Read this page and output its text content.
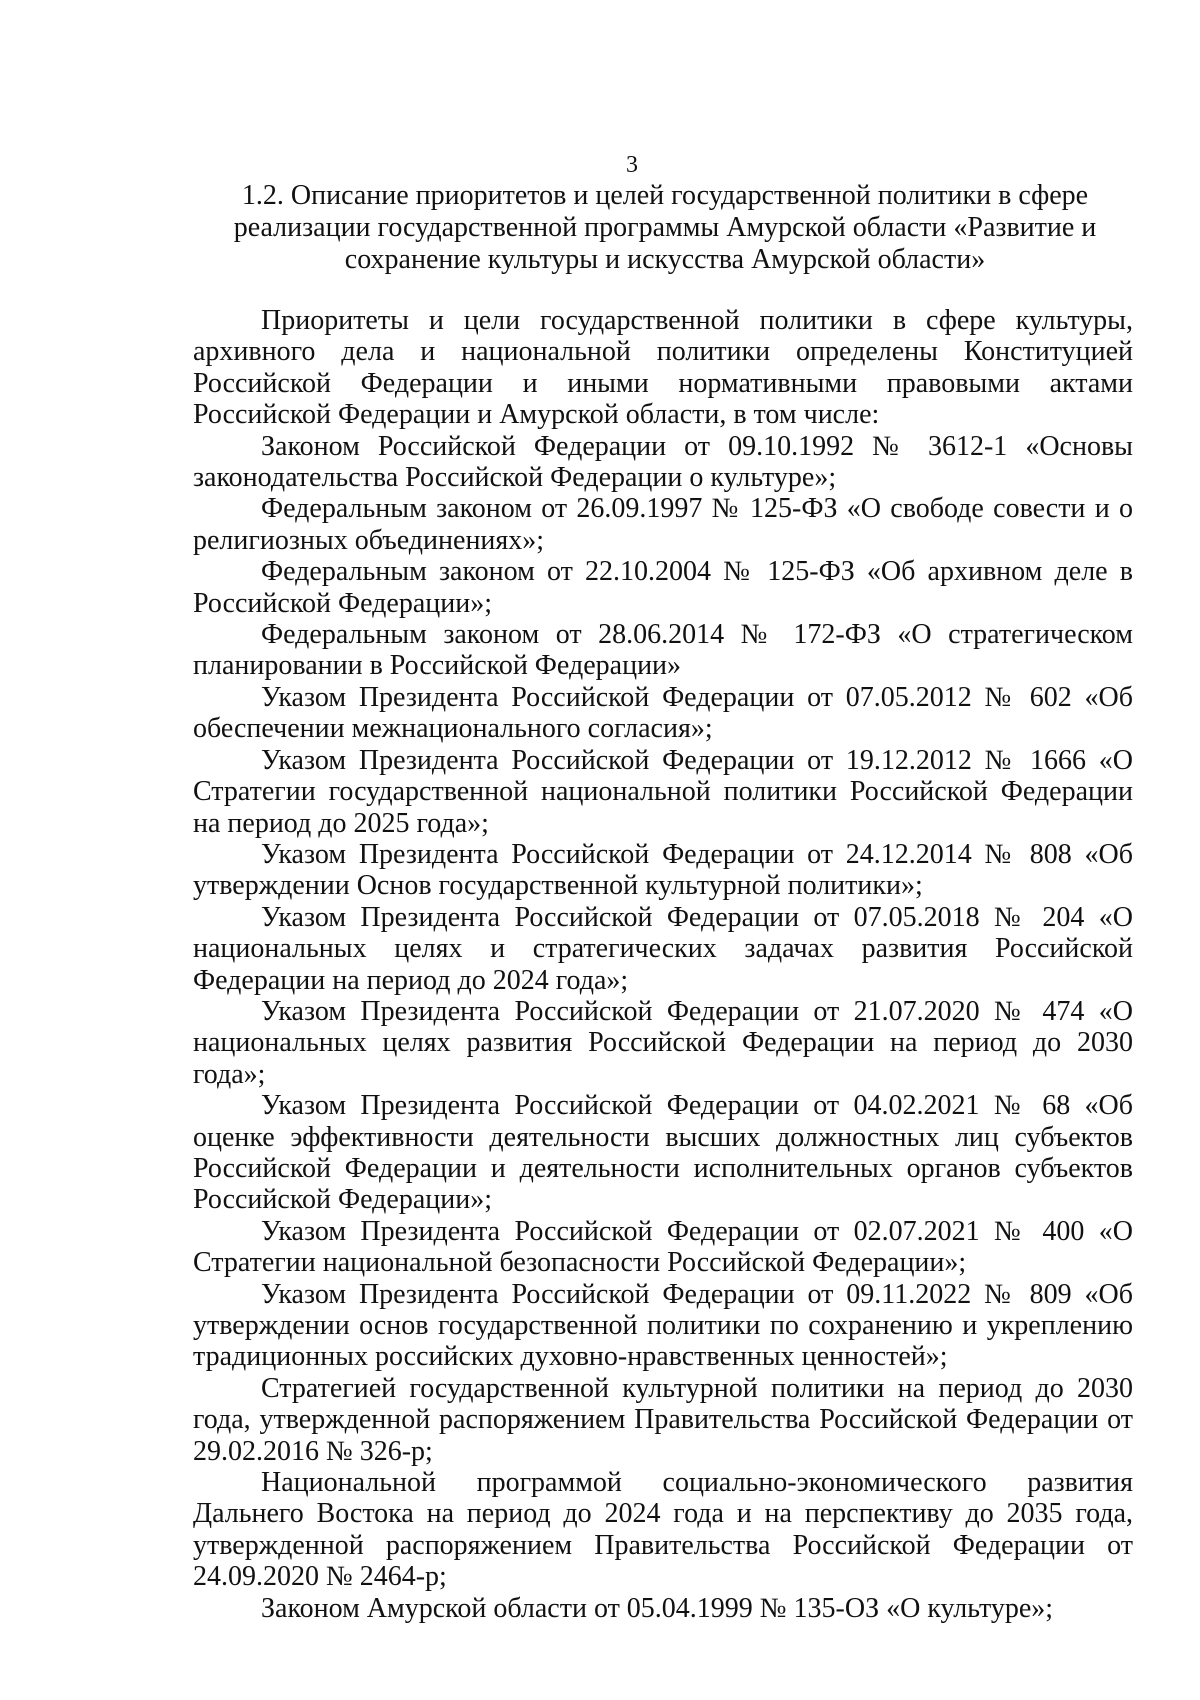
3
1.2. Описание приоритетов и целей государственной политики в сфере реализации государственной программы Амурской области «Развитие и сохранение культуры и искусства Амурской области»

Приоритеты и цели государственной политики в сфере культуры, архивного дела и национальной политики определены Конституцией Российской Федерации и иными нормативными правовыми актами Российской Федерации и Амурской области, в том числе:

Законом Российской Федерации от 09.10.1992 № 3612-1 «Основы законодательства Российской Федерации о культуре»;

Федеральным законом от 26.09.1997 № 125-ФЗ «О свободе совести и о религиозных объединениях»;

Федеральным законом от 22.10.2004 № 125-ФЗ «Об архивном деле в Российской Федерации»;

Федеральным законом от 28.06.2014 № 172-ФЗ «О стратегическом планировании в Российской Федерации»

Указом Президента Российской Федерации от 07.05.2012 № 602 «Об обеспечении межнационального согласия»;

Указом Президента Российской Федерации от 19.12.2012 № 1666 «О Стратегии государственной национальной политики Российской Федерации на период до 2025 года»;

Указом Президента Российской Федерации от 24.12.2014 № 808 «Об утверждении Основ государственной культурной политики»;

Указом Президента Российской Федерации от 07.05.2018 № 204 «О национальных целях и стратегических задачах развития Российской Федерации на период до 2024 года»;

Указом Президента Российской Федерации от 21.07.2020 № 474 «О национальных целях развития Российской Федерации на период до 2030 года»;

Указом Президента Российской Федерации от 04.02.2021 № 68 «Об оценке эффективности деятельности высших должностных лиц субъектов Российской Федерации и деятельности исполнительных органов субъектов Российской Федерации»;

Указом Президента Российской Федерации от 02.07.2021 № 400 «О Стратегии национальной безопасности Российской Федерации»;

Указом Президента Российской Федерации от 09.11.2022 № 809 «Об утверждении основ государственной политики по сохранению и укреплению традиционных российских духовно-нравственных ценностей»;

Стратегией государственной культурной политики на период до 2030 года, утвержденной распоряжением Правительства Российской Федерации от 29.02.2016 № 326-р;

Национальной программой социально-экономического развития Дальнего Востока на период до 2024 года и на перспективу до 2035 года, утвержденной распоряжением Правительства Российской Федерации от 24.09.2020 № 2464-р;

Законом Амурской области от 05.04.1999 № 135-ОЗ «О культуре»;
